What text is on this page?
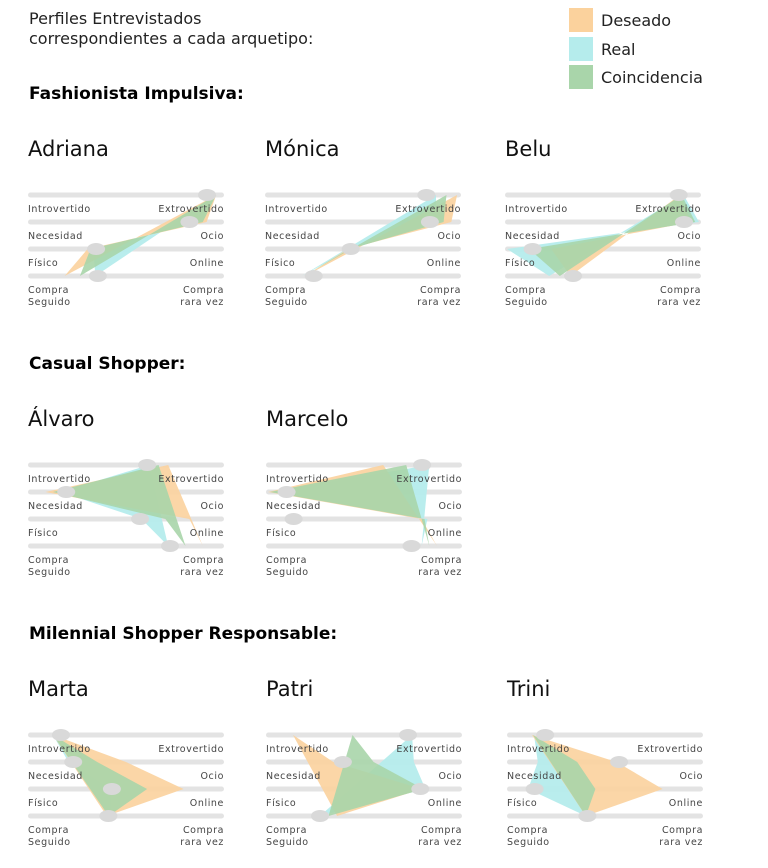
Perfiles Entrevistados
correspondientes a cada arquetipo:
Deseado
Real
Coincidencia
Fashionista Impulsiva:
Casual Shopper:
Milennial Shopper Responsable:
Adriana
Introvertido	Extrovertido
Necesidad	Ocio
Físico	Online
Compra
Seguido
Compra
rara vez
Mónica
Introvertido	Extrovertido
Necesidad	Ocio
Físico	Online
Compra
Seguido
Compra
rara vez
Belu
Introvertido	Extrovertido
Necesidad	Ocio
Físico	Online
Compra
Seguido
Compra
rara vez
Álvaro
Introvertido	Extrovertido
Necesidad	Ocio
Físico	Online
Compra
Seguido
Compra
rara vez
Marcelo
Introvertido	Extrovertido
Necesidad	Ocio
Físico	Online
Compra
Seguido
Compra
rara vez
Marta
Introvertido	Extrovertido
Necesidad	Ocio
Físico	Online
Compra
Seguido
Compra
rara vez
Patri
Introvertido	Extrovertido
Necesidad	Ocio
Físico	Online
Compra
Seguido
Compra
rara vez
Trini
Introvertido	Extrovertido
Necesidad	Ocio
Físico	Online
Compra
Seguido
Compra
rara vez
